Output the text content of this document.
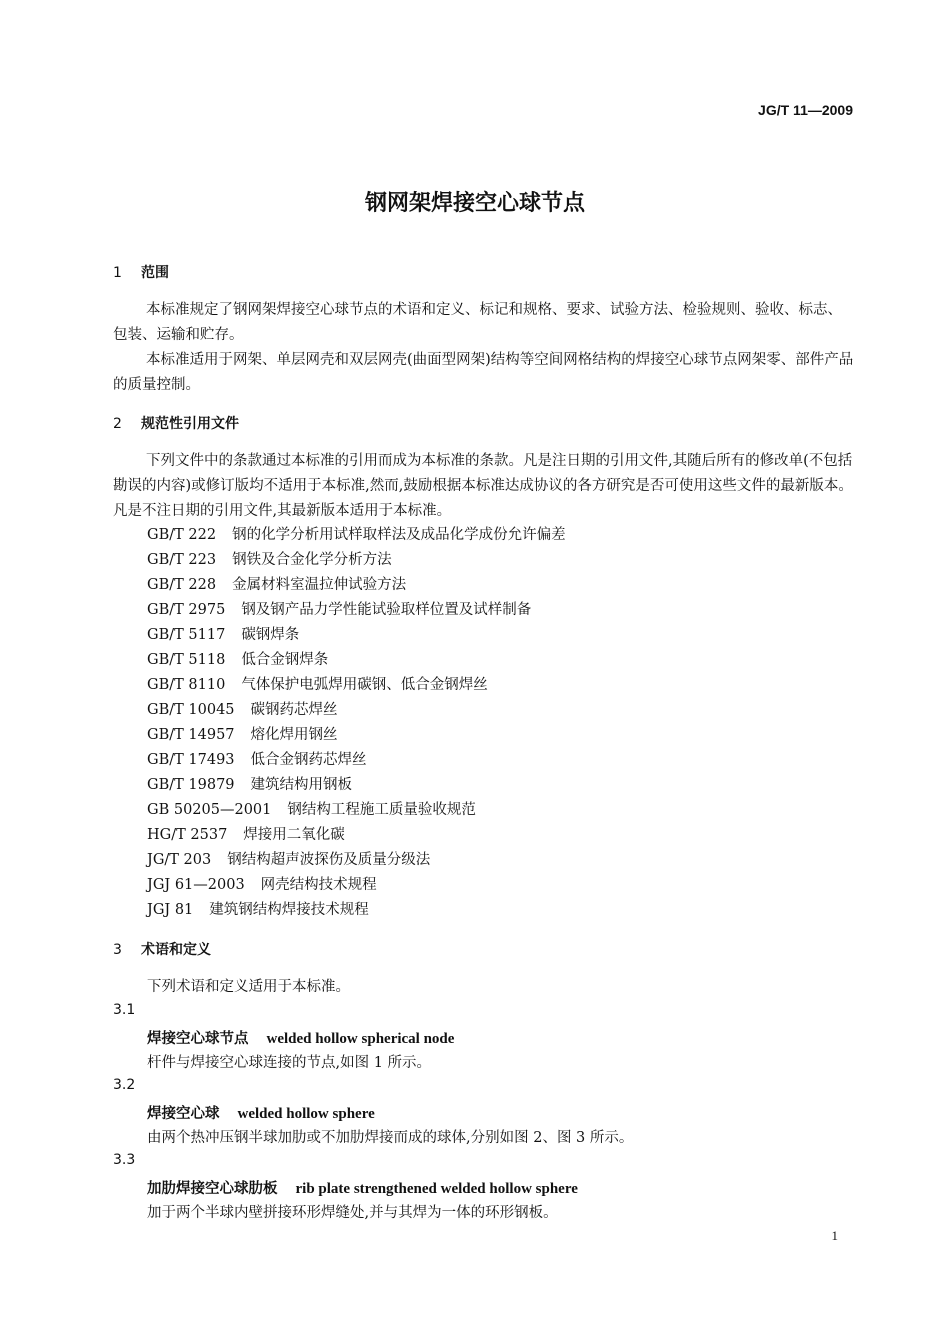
JG/T 11—2009
钢网架焊接空心球节点
1 范围
本标准规定了钢网架焊接空心球节点的术语和定义、标记和规格、要求、试验方法、检验规则、验收、标志、包装、运输和贮存。
本标准适用于网架、单层网壳和双层网壳(曲面型网架)结构等空间网格结构的焊接空心球节点网架零、部件产品的质量控制。
2 规范性引用文件
下列文件中的条款通过本标准的引用而成为本标准的条款。凡是注日期的引用文件,其随后所有的修改单(不包括勘误的内容)或修订版均不适用于本标准,然而,鼓励根据本标准达成协议的各方研究是否可使用这些文件的最新版本。凡是不注日期的引用文件,其最新版本适用于本标准。
GB/T 222 钢的化学分析用试样取样法及成品化学成份允许偏差
GB/T 223 钢铁及合金化学分析方法
GB/T 228 金属材料室温拉伸试验方法
GB/T 2975 钢及钢产品力学性能试验取样位置及试样制备
GB/T 5117 碳钢焊条
GB/T 5118 低合金钢焊条
GB/T 8110 气体保护电弧焊用碳钢、低合金钢焊丝
GB/T 10045 碳钢药芯焊丝
GB/T 14957 熔化焊用钢丝
GB/T 17493 低合金钢药芯焊丝
GB/T 19879 建筑结构用钢板
GB 50205—2001 钢结构工程施工质量验收规范
HG/T 2537 焊接用二氧化碳
JG/T 203 钢结构超声波探伤及质量分级法
JGJ 61—2003 网壳结构技术规程
JGJ 81 建筑钢结构焊接技术规程
3 术语和定义
下列术语和定义适用于本标准。
3.1
焊接空心球节点 welded hollow spherical node
杆件与焊接空心球连接的节点,如图 1 所示。
3.2
焊接空心球 welded hollow sphere
由两个热冲压钢半球加肋或不加肋焊接而成的球体,分别如图 2、图 3 所示。
3.3
加肋焊接空心球肋板 rib plate strengthened welded hollow sphere
加于两个半球内壁拼接环形焊缝处,并与其焊为一体的环形钢板。
1
